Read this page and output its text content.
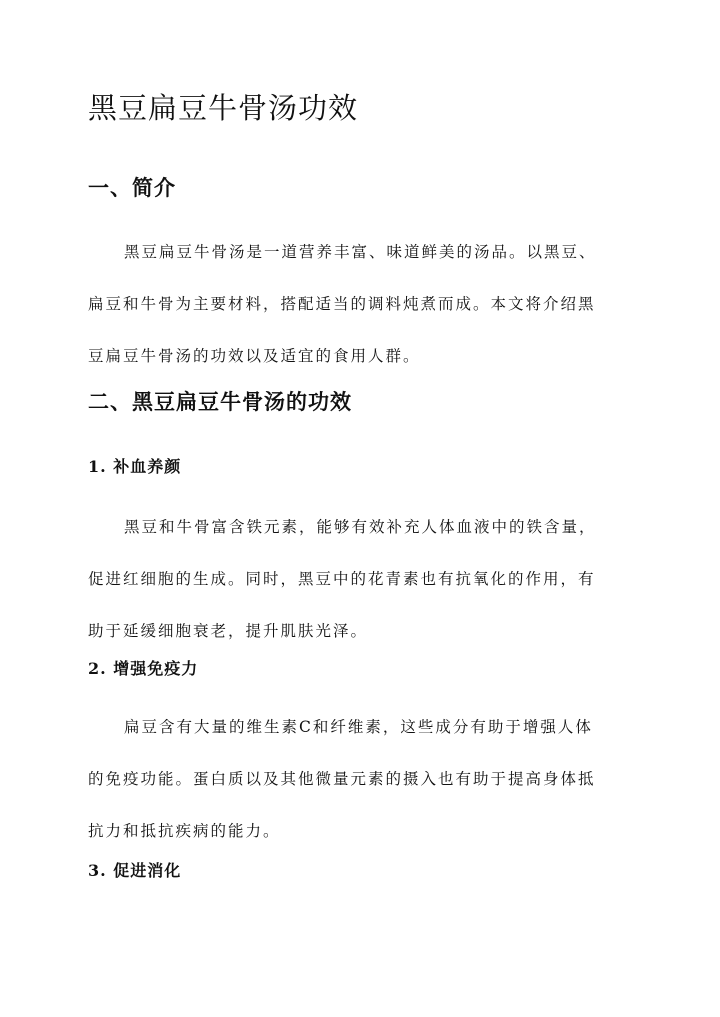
黑豆扁豆牛骨汤功效
一、简介
黑豆扁豆牛骨汤是一道营养丰富、味道鲜美的汤品。以黑豆、
扁豆和牛骨为主要材料，搭配适当的调料炖煮而成。本文将介绍黑
豆扁豆牛骨汤的功效以及适宜的食用人群。
二、黑豆扁豆牛骨汤的功效
1. 补血养颜
黑豆和牛骨富含铁元素，能够有效补充人体血液中的铁含量，
促进红细胞的生成。同时，黑豆中的花青素也有抗氧化的作用，有
助于延缓细胞衰老，提升肌肤光泽。
2. 增强免疫力
扁豆含有大量的维生素C和纤维素，这些成分有助于增强人体
的免疫功能。蛋白质以及其他微量元素的摄入也有助于提高身体抵
抗力和抵抗疾病的能力。
3. 促进消化
